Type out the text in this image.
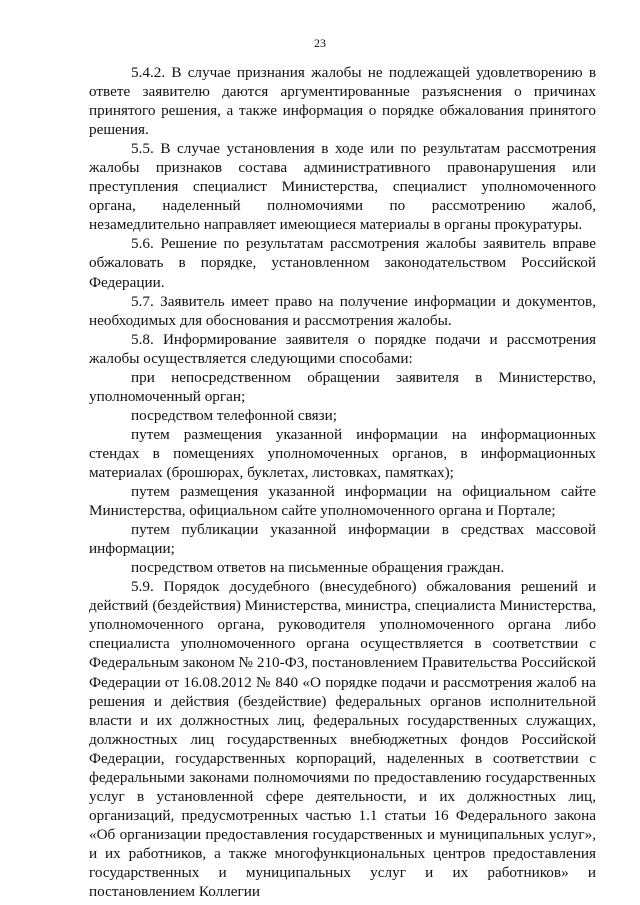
23

5.4.2. В случае признания жалобы не подлежащей удовлетворению в ответе заявителю даются аргументированные разъяснения о причинах принятого решения, а также информация о порядке обжалования принятого решения.

5.5. В случае установления в ходе или по результатам рассмотрения жалобы признаков состава административного правонарушения или преступления специалист Министерства, специалист уполномоченного органа, наделенный полномочиями по рассмотрению жалоб, незамедлительно направляет имеющиеся материалы в органы прокуратуры.

5.6. Решение по результатам рассмотрения жалобы заявитель вправе обжаловать в порядке, установленном законодательством Российской Федерации.

5.7. Заявитель имеет право на получение информации и документов, необходимых для обоснования и рассмотрения жалобы.

5.8. Информирование заявителя о порядке подачи и рассмотрения жалобы осуществляется следующими способами:

при непосредственном обращении заявителя в Министерство, уполномоченный орган;

посредством телефонной связи;

путем размещения указанной информации на информационных стендах в помещениях уполномоченных органов, в информационных материалах (брошюрах, буклетах, листовках, памятках);

путем размещения указанной информации на официальном сайте Министерства, официальном сайте уполномоченного органа и Портале;

путем публикации указанной информации в средствах массовой информации;

посредством ответов на письменные обращения граждан.

5.9. Порядок досудебного (внесудебного) обжалования решений и действий (бездействия) Министерства, министра, специалиста Министерства, уполномоченного органа, руководителя уполномоченного органа либо специалиста уполномоченного органа осуществляется в соответствии с Федеральным законом № 210-ФЗ, постановлением Правительства Российской Федерации от 16.08.2012 № 840 «О порядке подачи и рассмотрения жалоб на решения и действия (бездействие) федеральных органов исполнительной власти и их должностных лиц, федеральных государственных служащих, должностных лиц государственных внебюджетных фондов Российской Федерации, государственных корпораций, наделенных в соответствии с федеральными законами полномочиями по предоставлению государственных услуг в установленной сфере деятельности, и их должностных лиц, организаций, предусмотренных частью 1.1 статьи 16 Федерального закона «Об организации предоставления государственных и муниципальных услуг», и их работников, а также многофункциональных центров предоставления государственных и муниципальных услуг и их работников» и постановлением Коллегии
